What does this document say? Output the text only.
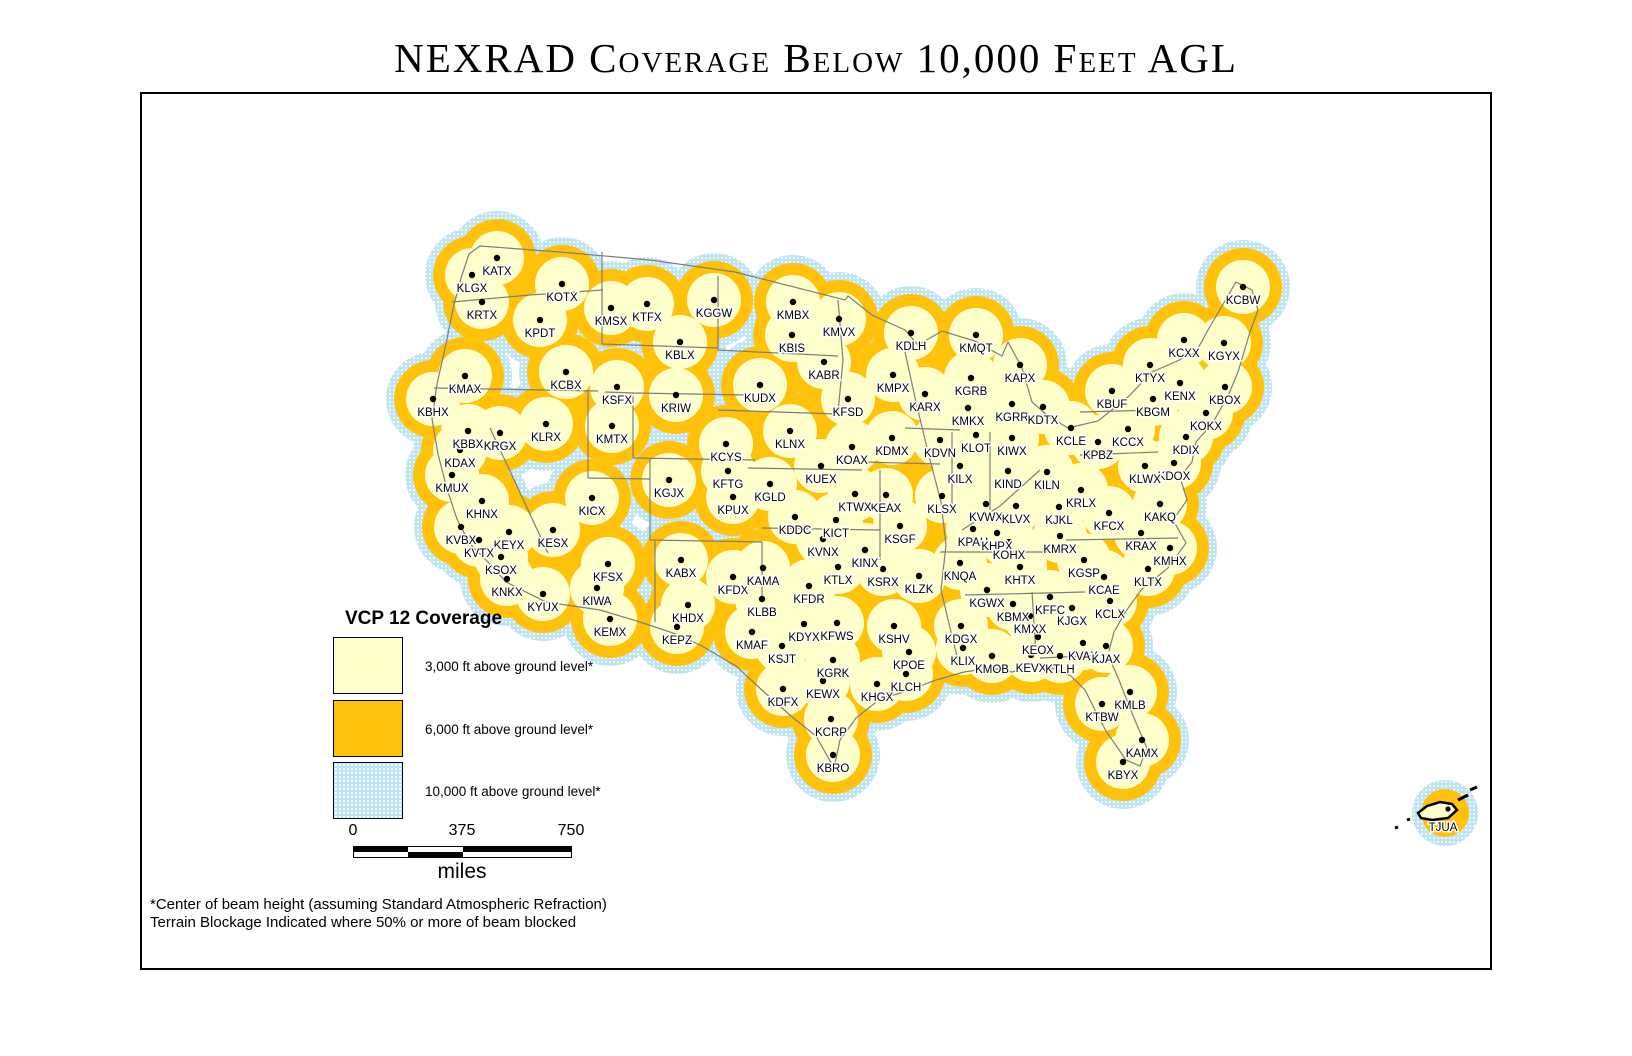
NEXRAD Coverage Below 10,000 Feet AGL
TJUA
KATX
KLGX
KRTX
KOTX
KPDT
KMSX KTFX
KCBX
KSFX
KMAX
KBHX
KBLX
KRIW
KMTX
KLRX
KBBX KRGX
KDAX
KMUX
KHNX	KICX
KESX
KEYX
KVBX
KVTX
KSOX
KNKX
KYUX
KFSX
KIWA
KEMX
KABX
KHDX
KEPZ
KFDX
KGGW
KUDX
KCYS
KGJX
KFTG
KPUX
KGLD
KLNX
KUEX
KOAX
KFSD
KABR
KMBX
KBIS
KMVX
KDDC KICT
KVNX
KINX
KTLX KSRX
KFDR
KAMA
KLBB
KDYX KFWS
KMAF
KSJT
KGRK
KEWX
KDFX	KHGX
KCRP
KBRO
KSHV
KLCH
KPOE
KMPX
KDLH
KARX
KDMX KDVN KLOT
KILX
KLSX
KEAX
KTWX
KSGF	KPAH
KHPX
KVWX
KIND KILN
KIWX
KMKX
KGRB
KMQT
KAPX
KGRR KDTX
KCLE
KPBZ
KCCX
KBUF
KTYX
KBGM
KENX
KCXX KGYX
KBOX
KOKX
KDIX
KDOX
KLWX
KCBW
KLVX KJKL
KRLX
KFCX
KAKQ
KMRX
KOHX
KNQA
KLZK
KHTX
KGSP
KRAX
KMHX
KCAE
KLTX
KCLX
KJGX
KFFC
KBMX
KGWX
KMXX
KDGX
KEOX KVAX
KJAX
KLIX
KMOB KEVX
KTLH
KMLB
KTBW
KAMX
KBYX
VCP 12 Coverage
3,000 ft above ground level*
6,000 ft above ground level*
10,000 ft above ground level*
0	375	750
miles
*Center of beam height (assuming Standard Atmospheric Refraction)
Terrain Blockage Indicated where 50% or more of beam blocked
